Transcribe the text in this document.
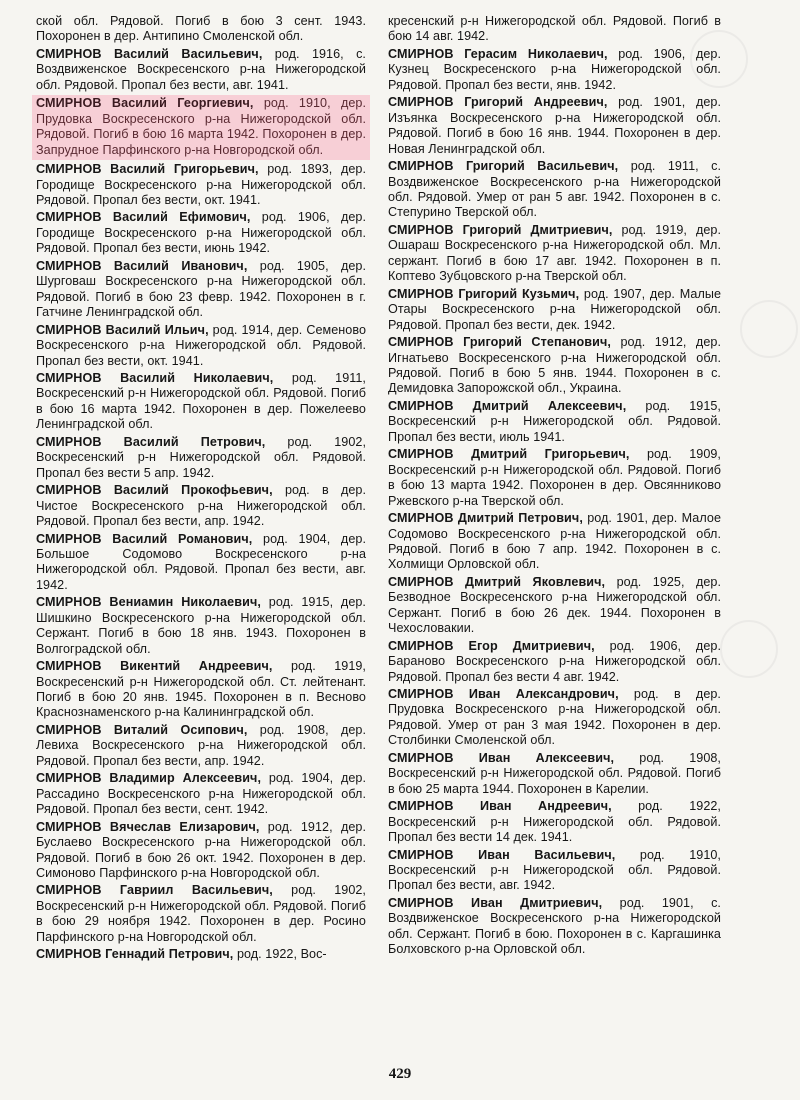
ской обл. Рядовой. Погиб в бою 3 сент. 1943. Похоронен в дер. Антипино Смоленской обл.

СМИРНОВ Василий Васильевич, род. 1916, с. Воздвиженское Воскресенского р-на Нижегородской обл. Рядовой. Пропал без вести, авг. 1941.

СМИРНОВ Василий Георгиевич, род. 1910, дер. Прудовка Воскресенского р-на Нижегородской обл. Рядовой. Погиб в бою 16 марта 1942. Похоронен в дер. Запрудное Парфинского р-на Новгородской обл.

СМИРНОВ Василий Григорьевич, род. 1893, дер. Городище Воскресенского р-на Нижегородской обл. Рядовой. Пропал без вести, окт. 1941.

СМИРНОВ Василий Ефимович, род. 1906, дер. Городище Воскресенского р-на Нижегородской обл. Рядовой. Пропал без вести, июнь 1942.

СМИРНОВ Василий Иванович, род. 1905, дер. Шурговаш Воскресенского р-на Нижегородской обл. Рядовой. Погиб в бою 23 февр. 1942. Похоронен в г. Гатчине Ленинградской обл.

СМИРНОВ Василий Ильич, род. 1914, дер. Семеново Воскресенского р-на Нижегородской обл. Рядовой. Пропал без вести, окт. 1941.

СМИРНОВ Василий Николаевич, род. 1911, Воскресенский р-н Нижегородской обл. Рядовой. Погиб в бою 16 марта 1942. Похоронен в дер. Пожелеево Ленинградской обл.

СМИРНОВ Василий Петрович, род. 1902, Воскресенский р-н Нижегородской обл. Рядовой. Пропал без вести 5 апр. 1942.

СМИРНОВ Василий Прокофьевич, род. в дер. Чистое Воскресенского р-на Нижегородской обл. Рядовой. Пропал без вести, апр. 1942.

СМИРНОВ Василий Романович, род. 1904, дер. Большое Содомово Воскресенского р-на Нижегородской обл. Рядовой. Пропал без вести, авг. 1942.

СМИРНОВ Вениамин Николаевич, род. 1915, дер. Шишкино Воскресенского р-на Нижегородской обл. Сержант. Погиб в бою 18 янв. 1943. Похоронен в Волгоградской обл.

СМИРНОВ Викентий Андреевич, род. 1919, Воскресенский р-н Нижегородской обл. Ст. лейтенант. Погиб в бою 20 янв. 1945. Похоронен в п. Весново Краснознаменского р-на Калининградской обл.

СМИРНОВ Виталий Осипович, род. 1908, дер. Левиха Воскресенского р-на Нижегородской обл. Рядовой. Пропал без вести, апр. 1942.

СМИРНОВ Владимир Алексеевич, род. 1904, дер. Рассадино Воскресенского р-на Нижегородской обл. Рядовой. Пропал без вести, сент. 1942.

СМИРНОВ Вячеслав Елизарович, род. 1912, дер. Буслаево Воскресенского р-на Нижегородской обл. Рядовой. Погиб в бою 26 окт. 1942. Похоронен в дер. Симоново Парфинского р-на Новгородской обл.

СМИРНОВ Гавриил Васильевич, род. 1902, Воскресенский р-н Нижегородской обл. Рядовой. Погиб в бою 29 ноября 1942. Похоронен в дер. Росино Парфинского р-на Новгородской обл.

СМИРНОВ Геннадий Петрович, род. 1922, Вос-

кресенский р-н Нижегородской обл. Рядовой. Погиб в бою 14 авг. 1942.

СМИРНОВ Герасим Николаевич, род. 1906, дер. Кузнец Воскресенского р-на Нижегородской обл. Рядовой. Пропал без вести, янв. 1942.

СМИРНОВ Григорий Андреевич, род. 1901, дер. Изъянка Воскресенского р-на Нижегородской обл. Рядовой. Погиб в бою 16 янв. 1944. Похоронен в дер. Новая Ленинградской обл.

СМИРНОВ Григорий Васильевич, род. 1911, с. Воздвиженское Воскресенского р-на Нижегородской обл. Рядовой. Умер от ран 5 авг. 1942. Похоронен в с. Степурино Тверской обл.

СМИРНОВ Григорий Дмитриевич, род. 1919, дер. Ошараш Воскресенского р-на Нижегородской обл. Мл. сержант. Погиб в бою 17 авг. 1942. Похоронен в п. Коптево Зубцовского р-на Тверской обл.

СМИРНОВ Григорий Кузьмич, род. 1907, дер. Малые Отары Воскресенского р-на Нижегородской обл. Рядовой. Пропал без вести, дек. 1942.

СМИРНОВ Григорий Степанович, род. 1912, дер. Игнатьево Воскресенского р-на Нижегородской обл. Рядовой. Погиб в бою 5 янв. 1944. Похоронен в с. Демидовка Запорожской обл., Украина.

СМИРНОВ Дмитрий Алексеевич, род. 1915, Воскресенский р-н Нижегородской обл. Рядовой. Пропал без вести, июль 1941.

СМИРНОВ Дмитрий Григорьевич, род. 1909, Воскресенский р-н Нижегородской обл. Рядовой. Погиб в бою 13 марта 1942. Похоронен в дер. Овсянниково Ржевского р-на Тверской обл.

СМИРНОВ Дмитрий Петрович, род. 1901, дер. Малое Содомово Воскресенского р-на Нижегородской обл. Рядовой. Погиб в бою 7 апр. 1942. Похоронен в с. Холмищи Орловской обл.

СМИРНОВ Дмитрий Яковлевич, род. 1925, дер. Безводное Воскресенского р-на Нижегородской обл. Сержант. Погиб в бою 26 дек. 1944. Похоронен в Чехословакии.

СМИРНОВ Егор Дмитриевич, род. 1906, дер. Бараново Воскресенского р-на Нижегородской обл. Рядовой. Пропал без вести 4 авг. 1942.

СМИРНОВ Иван Александрович, род. в дер. Прудовка Воскресенского р-на Нижегородской обл. Рядовой. Умер от ран 3 мая 1942. Похоронен в дер. Столбинки Смоленской обл.

СМИРНОВ Иван Алексеевич, род. 1908, Воскресенский р-н Нижегородской обл. Рядовой. Погиб в бою 25 марта 1944. Похоронен в Карелии.

СМИРНОВ Иван Андреевич, род. 1922, Воскресенский р-н Нижегородской обл. Рядовой. Пропал без вести 14 дек. 1941.

СМИРНОВ Иван Васильевич, род. 1910, Воскресенский р-н Нижегородской обл. Рядовой. Пропал без вести, авг. 1942.

СМИРНОВ Иван Дмитриевич, род. 1901, с. Воздвиженское Воскресенского р-на Нижегородской обл. Сержант. Погиб в бою. Похоронен в с. Каргашинка Болховского р-на Орловской обл.

429
